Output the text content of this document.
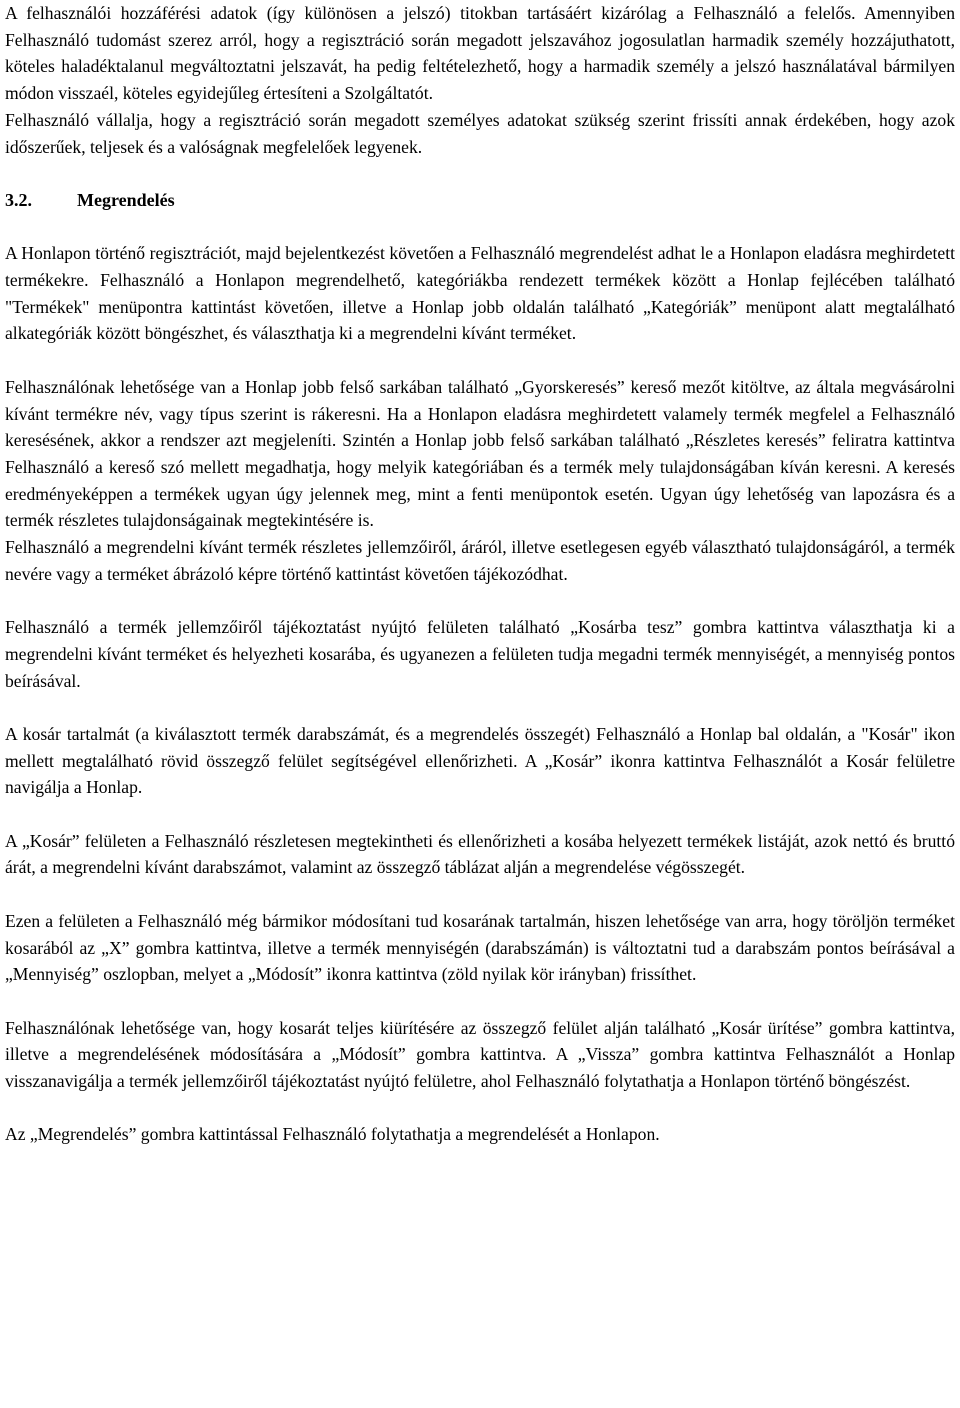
A felhasználói hozzáférési adatok (így különösen a jelszó) titokban tartásáért kizárólag a Felhasználó a felelős. Amennyiben Felhasználó tudomást szerez arról, hogy a regisztráció során megadott jelszavához jogosulatlan harmadik személy hozzájuthatott, köteles haladéktalanul megváltoztatni jelszavát, ha pedig feltételezhető, hogy a harmadik személy a jelszó használatával bármilyen módon visszaél, köteles egyidejűleg értesíteni a Szolgáltatót.

Felhasználó vállalja, hogy a regisztráció során megadott személyes adatokat szükség szerint frissíti annak érdekében, hogy azok időszerűek, teljesek és a valóságnak megfelelőek legyenek.

3.2.	Megrendelés

A Honlapon történő regisztrációt, majd bejelentkezést követően a Felhasználó megrendelést adhat le a Honlapon eladásra meghirdetett termékekre. Felhasználó a Honlapon megrendelhető, kategóriákba rendezett termékek között a Honlap fejlécében található "Termékek" menüpontra kattintást követően, illetve a Honlap jobb oldalán található „Kategóriák” menüpont alatt megtalálható alkategóriák között böngészhet, és választhatja ki a megrendelni kívánt terméket.

Felhasználónak lehetősége van a Honlap jobb felső sarkában található „Gyorskeresés” kereső mezőt kitöltve, az általa megvásárolni kívánt termékre név, vagy típus szerint is rákeresni. Ha a Honlapon eladásra meghirdetett valamely termék megfelel a Felhasználó keresésének, akkor a rendszer azt megjeleníti. Szintén a Honlap jobb felső sarkában található „Részletes keresés” feliratra kattintva Felhasználó a kereső szó mellett megadhatja, hogy melyik kategóriában és a termék mely tulajdonságában kíván keresni. A keresés eredményeképpen a termékek ugyan úgy jelennek meg, mint a fenti menüpontok esetén. Ugyan úgy lehetőség van lapozásra és a termék részletes tulajdonságainak megtekintésére is.

Felhasználó a megrendelni kívánt termék részletes jellemzőiről, áráról, illetve esetlegesen egyéb választható tulajdonságáról, a termék nevére vagy a terméket ábrázoló képre történő kattintást követően tájékozódhat.

Felhasználó a termék jellemzőiről tájékoztatást nyújtó felületen található „Kosárba tesz” gombra kattintva választhatja ki a megrendelni kívánt terméket és helyezheti kosarába, és ugyanezen a felületen tudja megadni termék mennyiségét, a mennyiség pontos beírásával.

A kosár tartalmát (a kiválasztott termék darabszámát, és a megrendelés összegét) Felhasználó a Honlap bal oldalán, a "Kosár" ikon mellett megtalálható rövid összegző felület segítségével ellenőrizheti. A „Kosár” ikonra kattintva Felhasználót a Kosár felületre navigálja a Honlap.

A „Kosár” felületen a Felhasználó részletesen megtekintheti és ellenőrizheti a kosába helyezett termékek listáját, azok nettó és bruttó árát, a megrendelni kívánt darabszámot, valamint az összegző táblázat alján a megrendelése végösszegét.

Ezen a felületen a Felhasználó még bármikor módosítani tud kosarának tartalmán, hiszen lehetősége van arra, hogy töröljön terméket kosarából az „X” gombra kattintva, illetve a termék mennyiségén (darabszámán) is változtatni tud a darabszám pontos beírásával a „Mennyiség” oszlopban, melyet a „Módosít” ikonra kattintva (zöld nyilak kör irányban) frissíthet.

Felhasználónak lehetősége van, hogy kosarát teljes kiürítésére az összegző felület alján található „Kosár ürítése” gombra kattintva, illetve a megrendelésének módosítására a „Módosít” gombra kattintva. A „Vissza” gombra kattintva Felhasználót a Honlap visszanavigálja a termék jellemzőiről tájékoztatást nyújtó felületre, ahol Felhasználó folytathatja a Honlapon történő böngészést.

Az „Megrendelés” gombra kattintással Felhasználó folytathatja a megrendelését a Honlapon.
